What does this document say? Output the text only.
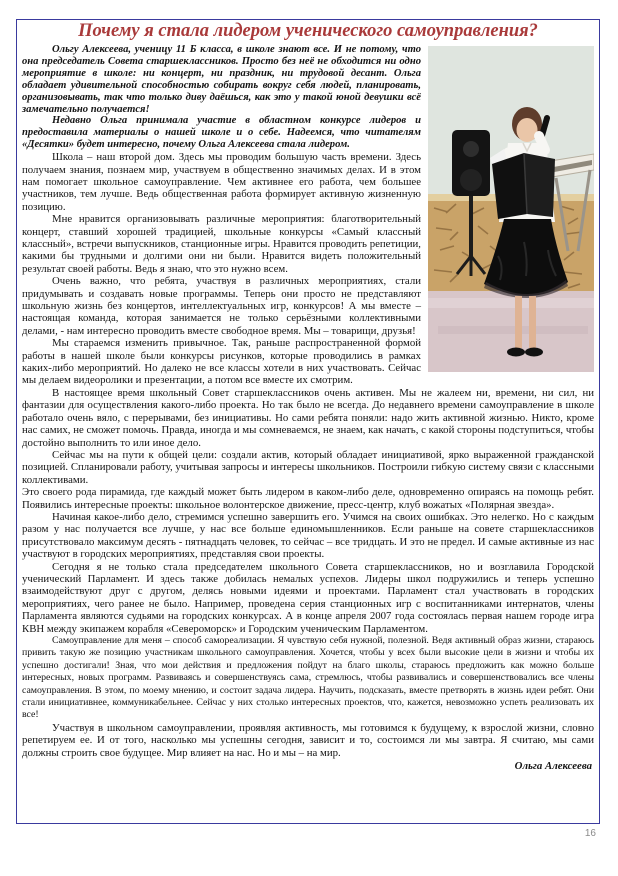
Почему я стала лидером ученического самоуправления?

Ольгу Алексеева, ученицу 11 Б класса, в школе знают все. И не потому, что она председатель Совета старшеклассников. Просто без неё не обходится ни одно мероприятие в школе: ни концерт, ни праздник, ни трудовой десант. Ольга обладает удивительной способностью собирать вокруг себя людей, планировать, организовывать, так что только диву даёшься, как это у такой юной девушки всё замечательно получается!

Недавно Ольга принимала участие в областном конкурсе лидеров и предоставила материалы о нашей школе и о себе. Надеемся, что читателям «Десятки» будет интересно, почему Ольга Алексеева стала лидером.

Школа – наш второй дом. Здесь мы проводим большую часть времени. Здесь получаем знания, познаем мир, участвуем в общественно значимых делах. И в этом нам помогает школьное самоуправление. Чем активнее его работа, чем большее участников, тем лучше. Ведь общественная работа формирует активную жизненную позицию.

Мне нравится организовывать различные мероприятия: благотворительный концерт, ставший хорошей традицией, школьные конкурсы «Самый классный классный», встречи выпускников, станционные игры. Нравится проводить репетиции, какими бы трудными и долгими они ни были. Нравится видеть положительный результат своей работы. Ведь я знаю, что это нужно всем.

Очень важно, что ребята, участвуя в различных мероприятиях, стали придумывать и создавать новые программы. Теперь они просто не представляют школьную жизнь без концертов, интеллектуальных игр, конкурсов! А мы вместе – настоящая команда, которая занимается не только серьёзными коллективными делами, - нам интересно проводить вместе свободное время. Мы – товарищи, друзья!

Мы стараемся изменить привычное. Так, раньше распространенной формой работы в нашей школе были конкурсы рисунков, которые проводились в рамках каких-либо мероприятий. Но далеко не все классы хотели в них участвовать. Сейчас мы делаем видеоролики и презентации, а потом все вместе их смотрим.

В настоящее время школьный Совет старшеклассников очень активен. Мы не жалеем ни, времени, ни сил, ни фантазии для осуществления какого-либо проекта. Но так было не всегда. До недавнего времени самоуправление в школе работало очень вяло, с перерывами, без инициативы. Но сами ребята поняли: надо жить активной жизнью. Никто, кроме нас самих, не сможет помочь. Правда, иногда и мы сомневаемся, не знаем, как начать, с какой стороны подступиться, чтобы достойно выполнить то или иное дело.

Сейчас мы на пути к общей цели: создали актив, который обладает инициативой, ярко выраженной гражданской позицией. Спланировали работу, учитывая запросы и интересы школьников. Построили гибкую систему связи с классными коллективами.

Это своего рода пирамида, где каждый может быть лидером в каком-либо деле, одновременно опираясь на помощь ребят. Появились интересные проекты: школьное волонтерское движение, пресс-центр, клуб вожатых «Полярная звезда».

Начиная какое-либо дело, стремимся успешно завершить его. Учимся на своих ошибках. Это нелегко. Но с каждым разом у нас получается все лучше, у нас все больше единомышленников. Если раньше на совете старшеклассников присутствовало максимум десять - пятнадцать человек, то сейчас – все тридцать. И это не предел. И самые активные из нас участвуют в городских мероприятиях, представляя свои проекты.

Сегодня я не только стала председателем школьного Совета старшеклассников, но и возглавила Городской ученический Парламент. И здесь также добилась немалых успехов. Лидеры школ подружились и теперь успешно взаимодействуют друг с другом, делясь новыми идеями и проектами. Парламент стал участвовать в городских мероприятиях, чего ранее не было. Например, проведена серия станционных игр с воспитанниками интернатов, члены Парламента являются судьями на городских конкурсах. А в конце апреля 2007 года состоялась первая нашем городе игра КВН между экипажем корабля «Североморск» и Городским ученическим Парламентом.

Самоуправление для меня – способ самореализации. Я чувствую себя нужной, полезной. Ведя активный образ жизни, стараюсь привить такую же позицию участникам школьного самоуправления. Хочется, чтобы у всех были высокие цели в жизни и чтобы их успешно достигали! Зная, что мои действия и предложения пойдут на благо школы, стараюсь предложить как можно больше интересных, новых программ. Развиваясь и совершенствуясь сама, стремлюсь, чтобы развивались и совершенствовались все члены самоуправления. В этом, по моему мнению, и состоит задача лидера. Научить, подсказать, вместе претворять в жизнь идеи ребят. Они стали инициативнее, коммуникабельнее. Сейчас у них столько интересных проектов, что, кажется, невозможно успеть реализовать их все!

Участвуя в школьном самоуправлении, проявляя активность, мы готовимся к будущему, к взрослой жизни, словно репетируем ее. И от того, насколько мы успешны сегодня, зависит и то, состоимся ли мы завтра. Я считаю, мы сами должны строить свое будущее. Мир влияет на нас. Но и мы – на мир.

Ольга Алексеева
16
